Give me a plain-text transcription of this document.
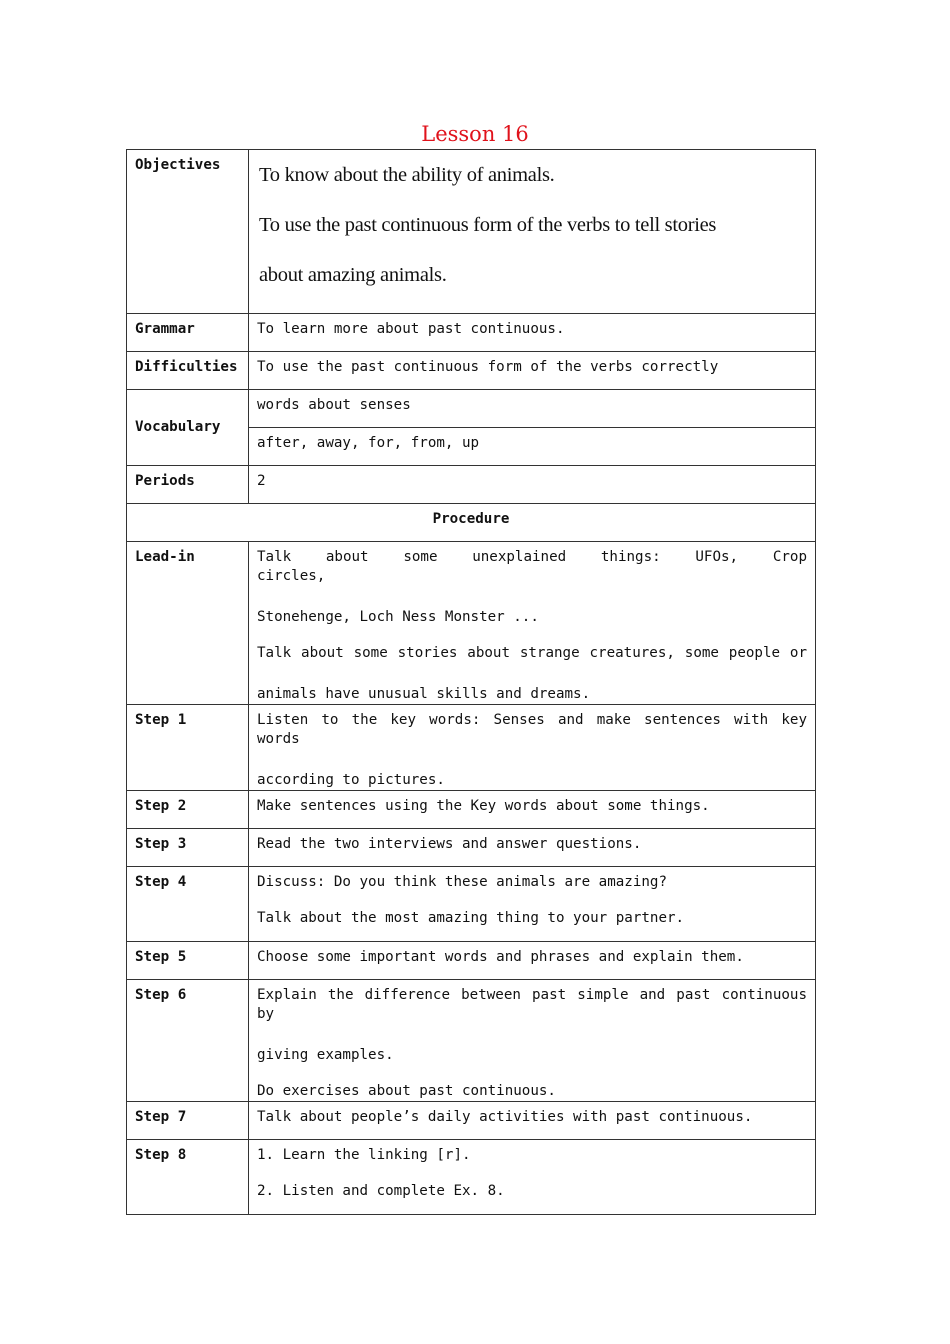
Lesson 16
Objectives	To know about the ability of animals.
To use the past continuous form of the verbs to tell stories
about amazing animals.

Grammar	To learn more about past continuous.
Difficulties	To use the past continuous form of the verbs correctly
Vocabulary	words about senses
	after, away, for, from, up
Periods	2
Procedure	
Lead-in	Talk about some unexplained things: UFOs, Crop circles,
Stonehenge, Loch Ness Monster ...
Talk about some stories about strange creatures, some people or
animals have unusual skills and dreams.

Step 1	Listen to the key words: Senses and make sentences with key words
according to pictures.

Step 2	Make sentences using the Key words about some things.
Step 3	Read the two interviews and answer questions.
Step 4	Discuss: Do you think these animals are amazing?
Talk about the most amazing thing to your partner.

Step 5	Choose some important words and phrases and explain them.
Step 6	Explain the difference between past simple and past continuous by
giving examples.
Do exercises about past continuous.

Step 7	Talk about people’s daily activities with past continuous.
Step 8	1. Learn the linking [r].
2. Listen and complete Ex. 8.
